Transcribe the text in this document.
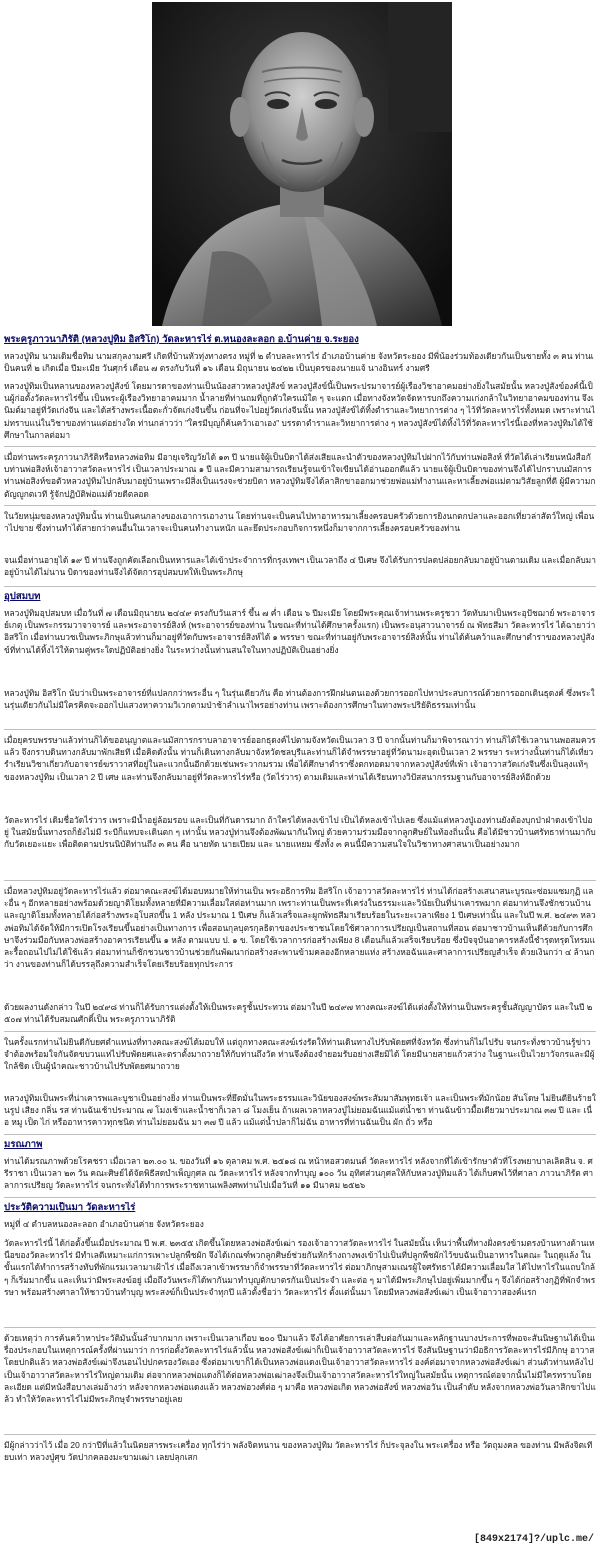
พระครูภาวนาภิรัติ (หลวงปูทิม อิสริโก) วัดละหารไร่ ต.หนองละลอก อ.บ้านค่าย จ.ระยอง
หลวงปู่ทิม นามเดิมชื่อทิม นามสกุลงามศรี เกิดที่บ้านหัวทุ่งทางตรง หมู่ที่ ๒ ตำบลละหารไร่ อำเภอบ้านค่าย จังหวัดระยอง มีพี่น้องร่วมท้องเดียวกันเป็นชายทั้ง ๓ คน ท่านเป็นคนที่ ๒ เกิดเมื่อ ปีมะเมีย วันศุกร์ เดือน ๗ ตรงกับวันที่ ๑๖ เดือน มิถุนายน ๒๔๒๒ เป็นบุตรของนายแจ้ นางอินทร์ งามศรี
หลวงปู่ทิมเป็นหลานของหลวงปู่สังข์ โดยมารดาของท่านเป็นน้องสาวหลวงปู่สังข์ หลวงปู่สังข์นี้เป็นพระปรมาจารย์ผู้เรืองวิชาอาคมอย่างยิ่งในสมัยนั้น หลวงปู่สังข์องค์นี้เป็นผู้ก่อตั้งวัดละหารไร่ขึ้น เป็นพระผู้เรืองวิทยาอาคมมาก น้ำลายที่ท่านถมที่ถูกตัวใครแม้ใด ๆ จะแตก เมื่อทางจังหวัดจัดหารบกถึงความเก่งกล้าในวิทยาอาคมของท่าน จึงเนิมต์มาอยู่ที่วัดเก่งจีน และได้สร้างพระเนื้อตะกั่วจัดเก่งจีนขึ้น ก่อนที่จะไปอยู่วัดเก่งจีนนั้น หลวงปู่สังข์ได้ทิ้งตำราและวิทยาการต่าง ๆ ไว้ที่วัดละหารไร่ทั้งหมด เพราะท่านไม่ทราบแน่ในวิชาของท่านแต่อย่างใด ท่านกล่าวว่า "ใครมีบุญก็ค้นคว้าเอาเอง" บรรดาตำราและวิทยาการต่าง ๆ หลวงปู่สังข์ได้ทิ้งไว้ที่วัดละหารไร่นี้เองที่หลวงปู่ทิมได้ใช้ศึกษาในกาลต่อมา
เมื่อท่านพระครูภาวนาภิรัติหรือหลวงพ่อทิม มีอายุเจริญวัยได้ ๑๓ ปี นายแจ้ผู้เป็นบิดาได้ส่งเสียและนำตัวของหลวงปู่ทิมไปฝากไว้กับท่านพ่อสิงห์ ที่วัดได้เล่าเรียนหนังสือกับท่านพ่อสิงห์เจ้าอาวาสวัดละหารไร่ เป็นเวลาประมาณ ๑ ปี และมีความสามารถเรียนรู้จนเข้าใจเขียนได้อ่านออกดีแล้ว นายแจ้ผู้เป็นบิดาของท่านจึงได้ไปกราบนมัสการท่านพ่อสิงห์ขอตัวหลวงปู่ทิมไปกลับมาอยู่บ้านเพราะมีสิ่งเป็นแรงจะช่วยบิดา หลวงปู่ทิมจึงได้ลาสิกขาออกมาช่วยพ่อแม่ทำงานและหาเลี้ยงพ่อแม่ตามวิสัยลูกที่ดี ผู้มีความกตัญญูกตเวที รู้จักปฏิบัติพ่อแม่ด้วยดีตลอด
ในวัยหนุ่มของหลวงปู่ทิมนั้น ท่านเป็นคนกลางของเอาการเอางาน โดยท่านจะเป็นคนไปหาอาหารมาเลี้ยงครอบครัวด้วยการยิงนกตกปลาและออกเที่ยวล่าสัตว์ใหญ่ เพื่อนำไปขาย ซึ่งท่านทำได้สายกว่าคนอื่นในเวลาจะเป็นคนทำงานหนัก และยึดประกอบกิจการหนึ่งก็มาจากการเลี้ยงครอบครัวของท่าน
จนเมื่อท่านอายุได้ ๑๙ ปี ท่านจึงถูกคัดเลือกเป็นทหารและได้เข้าประจำการที่กรุงเทพฯ เป็นเวลาถึง ๔ ปีเศษ จึงได้รับการปลดปล่อยกลับมาอยู่บ้านตามเดิม และเมื่อกลับมาอยู่บ้านได้ไม่นาน บิดาของท่านจึงได้จัดการอุปสมบทให้เป็นพระภิกษุ
อุปสมบท
หลวงปู่ทิมอุปสมบท เมื่อวันที่ ๗ เดือนมิถุนายน ๒๔๔๙ ตรงกับวันเสาร์ ขึ้น ๗ ค่ำ เดือน ๖ ปีมะเมีย โดยมีพระคุณเจ้าท่านพระครูชวา วัดทับมาเป็นพระอุปัชฌาย์ พระอาจารย์เกตุ เป็นพระกรรมวาจาจารย์ และพระอาจารย์สิงห์ (พระอาจารย์ของท่าน ในขณะที่ท่านได้ศึกษาครั้งแรก) เป็นพระอนุสาวนาจารย์ ณ พัทธสีมา วัดละหารไร่ ได้ฉายาว่า อิสริโก เมื่อท่านบวชเป็นพระภิกษุแล้วท่านก็มาอยู่ที่วัดกับพระอาจารย์สิงห์ได้ ๑ พรรษา ขณะที่ท่านอยู่กับพระอาจารย์สิงห์นั้น ท่านได้ค้นคว้าและศึกษาตำราของหลวงปู่สังข์ที่ท่านได้ทิ้งไว้ให้ตามคู่พระใดปฏิบัติอย่างยิ่ง ในระหว่างนั้นท่านสนใจในทางปฏิบัติเป็นอย่างยิ่ง
หลวงปู่ทิม อิสริโก นับว่าเป็นพระอาจารย์ที่แปลกกว่าพระอื่น ๆ ในรุ่นเดียวกัน คือ ท่านต้องการฝึกฝนตนเองด้วยการออกไปหาประสบการณ์ด้วยการออกเดินธุดงค์ ซึ่งพระในรุ่นเดียวกันไม่มีใครคิดจะออกไปแสวงหาความวิเวกตามป่าช้าลำเนาไพรอย่างท่าน เพราะต้องการศึกษาในทางพระปริยัติธรรมเท่านั้น
เมื่อยุครบพรรษาแล้วท่านก็ได้ขออนุญาตและนมัสการกราบลาอาจารย์ออกธุดงค์ไปตามจังหวัดเป็นเวลา 3 ปี จากนั้นท่านก็มาพิจารณาว่า ท่านก็ได้ใช้เวลานานพอสมควรแล้ว จึงกราบดินทางกลับมาพักเสียที เมื่อคิดดังนั้น ท่านก็เดินทางกลับมาจังหวัดชลบุรีและท่านก็ได้จำพรรษาอยู่ที่วัดนามะอุดเป็นเวลา 2 พรรษา ระหว่างนั้นท่านก็ได้เที่ยวรำเรียนวิชาเกี่ยวกับอาจารย์ฆราวาสที่อยู่ในละแวกนั้นอีกด้วยเช่นพระวากมรวม เพื่อได้ศึกษาตำราซึ่งตกทอดมาจากหลวงปู่สังข์ที่เพ้า เจ้าอาวาสวัดเก่งจีนซึ่งเป็นลุงแท้ๆ ของหลวงปู่ทิม เป็นเวลา 2 ปี เศษ และท่านจึงกลับมาอยู่ที่วัดละหารไร่หรือ (วัดไร่วาร) ตามเดิมและท่านได้เรียนทางวิปัสสนากรรมฐานกับอาจารย์สิงห์อีกด้วย
วัดละหารไร่ เดิมชื่อวัดไร่วาร เพราะมีน้ำอยู่ล้อมรอบ และเป็นที่กันดารมาก ถ้าใครได้หลงเข้าไป เป็นได้หลงเข้าไปเลย ซึ่งแม้แต่หลวงปู่เองท่านยังต้องบุกป่าฝ่าดงเข้าไปอยู่ ในสมัยนั้นทางรถก็ยังไม่มี ระบีก็แทบจะเดินตก ๆ เท่านั้น หลวงปู่ท่านจึงต้องพัฒนากันใหญ่ ด้วยความร่วมมือจากลูกศิษย์ในท้องถิ่นนั้น คือได้มีชาวบ้านศรัทธาท่านมากับกับวัดเยอะแยะ เพื่อติดตามปรนนิบัติท่านถึง ๓ คน คือ นายทัด นายเปียม และ นายแหยม ซึ่งทั้ง ๓ คนนี้มีความสนใจในวิชาทางศาสนาเป็นอย่างมาก
เมื่อหลวงปู่ทิมอยู่วัดละหารไร่แล้ว ต่อมาคณะสงฆ์ได้มอบหมายให้ท่านเป็น พระอธิการทิม อิสริโก เจ้าอาวาสวัดละหารไร่ ท่านได้ก่อสร้างเสนาสนะบูรณะซ่อมแซมกุฏิ และอื่น ๆ อีกหลายอย่างพร้อมด้วยญาติโยมทั้งหลายที่มีความเลื่อมใสต่อท่านมาก เพราะท่านเป็นพระที่เคร่งในธรรมะและวินัยเป็นที่น่าเคารพมาก ต่อมาท่านจึงชักชวนบ้านและญาติโยมทั้งหลายได้ก่อสร้างพระอุโบสถขึ้น 1 หลัง ประมาณ 1 ปีเศษ ก็แล้วเสร็จและผูกพัทธสีมาเรียบร้อยในระยะเวลาเพียง 1 ปีเศษเท่านั้น และในปี พ.ศ. ๒๔๙๓ หลวงพ่อทิมได้จัดให้มีการเปิดโรงเรียนขึ้นอย่างเป็นทางการ เพื่อสอนกุลบุตรกุลธิดาของประชาชนโดยใช้ศาลาการเปรียญเป็นสถานที่สอน ต่อมาชาวบ้านเห็นดีด้วยกับการศึกษาจึงร่วมมือกับหลวงพ่อสร้างอาคารเรียนขึ้น ๑ หลัง ตามแบบ ป. ๑ ข. โดยใช้เวลาการก่อสร้างเพียง 8 เดือนก็แล้วเสร็จเรียบร้อย ซึ่งปัจจุบันอาคารหลังนี้ชำรุดทรุดโทรมและรื้อถอนไปไม่ได้ใช้แล้ว ต่อมาท่านก็ชักชวนชาวบ้านช่วยกันพัฒนาก่อสร้างสะพานข้ามคลองอีกหลายแห่ง สร้างหอฉันและศาลาการเปรียญสำเร็จ ด้วยเงินกว่า ๔ ล้านกว่า งานของท่านก็ได้บรรลุถึงความสำเร็จโดยเรียบร้อยทุกประการ
ด้วยผลงานดังกล่าว ในปี ๒๔๙๘ ท่านก็ได้รับการแต่งตั้งให้เป็นพระครูชั้นประทวน ต่อมาในปี ๒๔๙๗ ทางคณะสงฆ์ได้แต่งตั้งให้ท่านเป็นพระครูชั้นสัญญาบัตร และในปี ๒๕๐๗ ท่านได้รับสมณศักดิ์เป็น พระครูภาวนาภิรัติ
ในครั้งแรกท่านไม่ยินดีกับยศตำแหน่งที่ทางคณะสงฆ์ได้มอบให้ แต่ถูกทางคณะสงฆ์เร่งรัดให้ท่านเดินทางไปรับพัดยศที่จังหวัด ซึ่งท่านก็ไม่ไปรับ จนกระทั่งชาวบ้านรู้ข่าว จำต้องพร้อมใจกันจัดขบวนแห่ไปรับพัดยศและตราตั้งมาถวายให้กับท่านถึงวัด ท่านจึงต้องจำยอมรับอย่างเสียมิได้ โดยมีนายสายแก้วสว่าง ในฐานะเป็นไวยาวัจกรและมีผู้ใกล้ชิด เป็นผู้นำคณะชาวบ้านไปรับพัดยศมาถวาย
หลวงปู่ทิมเป็นพระที่น่าเคารพและบูชาเป็นอย่างยิ่ง ท่านเป็นพระที่ยึดมั่นในพระธรรมและวินัยของสงฆ์พระสัมมาสัมพุทธเจ้า และเป็นพระที่มักน้อย สันโดษ ไม่ยินดียินร้ายในรูป เสียง กลิ่น รส ท่านฉันเช้าประมาณ ๗ โมงเช้าและน้ำชาก็เวลา ๘ โมงเย็น ถ้าเผลเวลาหลวงปู่ไม่ยอมฉันแม้แต่น้ำชา ท่านฉันข้าวมื้อเดียวมาประมาณ ๓๗ ปี และ เนื่อ หมู เป็ด ไก่ หรืออาหารคาวทุกชนิด ท่านไม่ยอมฉัน มา ๓๗ ปี แล้ว แม้แต่น้ำปลาก็ไม่ฉัน อาหารที่ท่านฉันเป็น ผัก ถั่ว หรือ
มรณภาพ
ท่านได้มรณภาพด้วยโรคชรา เมื่อเวลา ๒๓.๐๐ น. ของวันที่ ๑๖ ตุลาคม พ.ศ. ๒๕๑๘ ณ หน้าหอสวดมนต์ วัดละหารไร่ หลังจากที่ได้เข้ารักษาตัวที่โรงพยาบาลเลิดสิน จ. ศรีราชา เป็นเวลา ๒๓ วัน คณะศิษย์ได้จัดพิธีสดบำเพ็ญกุศล ณ วัดละหารไร่ หลังจากทำบุญ ๑๐๐ วัน อุทิศส่วนกุศลให้กับหลวงปู่ทิมแล้ว ได้เก็บศพไว้ที่ศาลา ภาวนาภิรัต ศาลาการเปรียญ วัดละหารไร่ จนกระทั่งได้ทำการพระราชทานเพลิงศพท่านไปเมื่อวันที่ ๑๑ มีนาคม ๒๕๒๖
ประวัติความเป็นมา วัดละหารไร่
หมู่ที่ ๔ ตำบลหนองละลอก อำเภอบ้านค่าย จังหวัดระยอง
วัดละหารไร่นี้ ได้ก่อตั้งขึ้นเมื่อประมาณ ปี พ.ศ. ๒๓๕๕ เกิดขึ้นโดยหลวงพ่อสังข์เฒ่า รองเจ้าอาวาสวัดละหารไร่ ในสมัยนั้น เห็นว่าพื้นที่ทางฝั่งตรงข้ามตรงบ้านทางด้านเหนือของวัดละหารไร่ มีทำเลดีเหมาะแก่การเพาะปลูกพืชผัก จึงได้เกณฑ์พวกลูกศิษย์ช่วยกันหักร้างถางพงเข้าไปเป็นที่ปลูกพืชผักไว้ขบฉันเป็นอาหารในคณะ ในฤดูแล้ง ในขั้นแรกได้ทำการสร้างทับที่พักแรมเวลามาเฝ้าไร่ เมื่อถึงเวลาเข้าพรรษาก็จำพรรษาที่วัดละหารไร่ ต่อมาภิกษุสามเณรผู้ใจศรัทธาได้มีความเลื่อมใส ได้ไปหาไร่ในแถบใกล้ ๆ ก็เริ่มมากขึ้น และเห็นว่ามีพระสงฆ์อยู่ เมื่อถึงวันพระก็ได้พากันมาทำบุญตักบาตรกันเป็นประจำ และต่อ ๆ มาได้มีพระภิกษุไปอยู่เพิ่มมากขึ้น ๆ จึงได้ก่อสร้างกุฏิที่พักจำพรรษา พร้อมสร้างศาลาให้ชาวบ้านทำบุญ พระสงฆ์ก็เป็นประจำทุกปี แล้วตั้งชื่อว่า วัดละหารไร่ ตั้งแต่นั้นมา โดยมีหลวงพ่อสังข์เฒ่า เป็นเจ้าอาวาสองค์แรก
ด้วยเหตุว่า การค้นคว้าหาประวัติมันนั้นลำบากมาก เพราะเป็นเวลาเกือบ ๒๐๐ ปีมาแล้ว จึงได้อาศัยการเล่าสืบต่อกันมาและหลักฐานบางประการที่พอจะสันนิษฐานได้เป็นเรื่องประกอบในเหตุการณ์ครั้งที่ผ่านมาว่า การก่อตั้งวัดละหารไร่แล้วนั้น หลวงพ่อสังข์เฒ่าก็เป็นเจ้าอาวาสวัดละหารไร่ จึงสันนิษฐานว่ามีอธิการวัดละหารไร่มีภิกษุ อาวาสโดยปกติแล้ว หลวงพ่อสังข์เฒ่าจึงนอนไปปกครองวัดเอง ซึ่งต่อมาเขาก็ได้เป็นหลวงพ่อแดงเป็นเจ้าอาวาสวัดละหารไร่ องค์ต่อมาจากหลวงพ่อสังข์เฒ่า ส่วนตัวท่านหลังไปเป็นเจ้าอาวาสวัดละหารไร่ใหญ่ตามเดิม ต่อจากหลวงพ่อแดงก็ได้ต่อหลวงพ่อเฒ่าลงจึงเป็นเจ้าอาวาสวัดละหารไร่ใหญ่ในสมัยนั้น เหตุการณ์ต่อจากนั้นไม่มีใครทราบโดยละเอียด แต่มีหนังสือบางเล่มอ้างว่า หลังจากหลวงพ่อแดงแล้ว หลวงพ่อวงศ์ต่อ ๆ มาคือ หลวงพ่อเกิด หลวงพ่อสังข์ หลวงพ่อวัน เป็นลำดับ หลังจากหลวงพ่อวันลาสิกขาไปแล้ว ทำให้วัดละหารไร่ไม่มีพระภิกษุจำพรรษาอยู่เลย
มีผู้กล่าวว่าไว้ เมื่อ 20 กว่าปีที่แล้วในนิตยสารพระเครื่อง ทุกไร่ว่า พลังจิตหนาน ของหลวงปู่ทิม วัดละหารไร่ ก็ประจุลงใน พระเครื่อง หรือ วัตถุมงคล ของท่าน มีพลังจิตเทียบเท่า หลวงปู่ศุข วัดปากคลองมะขามเฒ่า เลยปลุกเสก
[849x2174]?/uplc.me/
